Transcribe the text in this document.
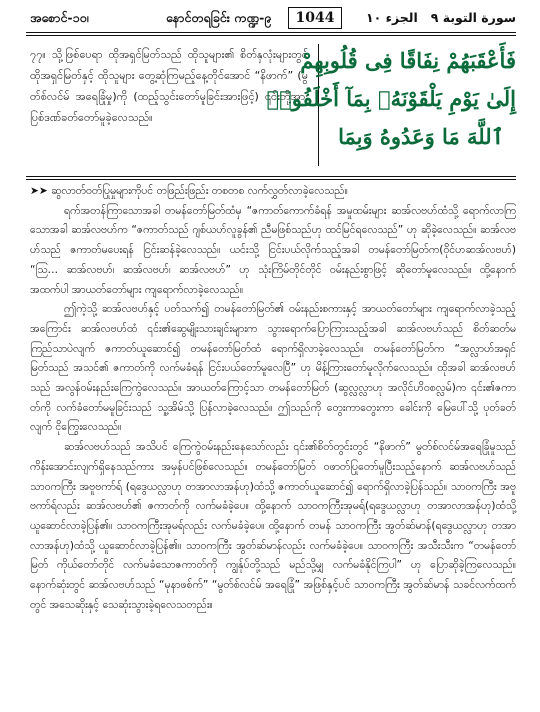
အစောင်-၁၀၊	နောင်တရခြင်း ကဏ္ဍ-၉	1044	الجزء ١٠ سورة التوبة ٩
၇၇။ သို့ဖြစ်ပေရာ ထိုအရှင်မြတ်သည် ထိုသူများ၏ စိတ်နှလုံးများတွင် ထိုအရှင်မြတ်နှင့် ထိုသူများ တွေ့ဆုံကြမည့်နေ့တိုင်အောင် “နိဖာက်” (မွတ်စ်လင်မ် အရေခြုံမှု)ကို (ထည့်သွင်းတော်မူခြင်းအားဖြင့်) ၎င်းတို့အား ပြစ်ဒဏ်ခတ်တော်မူခဲ့လေသည်။
فَأَعْقَبَهُمْ نِفَاقًا فِى قُلُوبِهِمْ
إِلَىٰ يَوْمِ يَلْقَوْنَهُۥ بِمَآ أَخْلَفُوا۟
ٱللَّهَ مَا وَعَدُوهُ وَبِمَا

➤➤ ဆွလာတ်ဝတ်ပြုမှုများကိုပင် တဖြည်းဖြည်း တစတစ လက်လွှတ်လာခဲ့လေသည်။

ရက်အတန်ကြာသောအခါ တမန်တော်မြတ်ထံမှ “ဇကာတ်ကောက်ခံရန် အမှုထမ်းများ ဆအ်လဗဟ်ထံသို့ ရောက်လာကြသောအခါ ဆအ်လဗဟ်က “ဇကာတ်သည် ဂျစ်ယဟ်လူခွန်၏ ညီမဖြစ်သည်ဟု ထင်မြင်ရလေသည်” ဟု ဆိုခဲ့လေသည်။ ဆအ်လဗဟ်သည် ဇကာတ်မပေးရန် ငြင်းဆန်ခဲ့လေသည်။ ယင်းသို့ ငြင်းပယ်လိုက်သည့်အခါ တမန်တော်မြတ်က(ဝိုင်ဟဆအ်လဗဟ်) “ဩ… ဆအ်လဗဟ်၊ ဆအ်လဗဟ်၊ ဆအ်လဗဟ်” ဟု သုံးကြိမ်တိုင်တိုင် ဝမ်းနည်းစွာဖြင့် ဆိုတော်မူလေသည်။ ထို့နောက် အထက်ပါ အာယတ်တော်များ ကျရောက်လာခဲ့လေသည်။

ဤကဲ့သို့ ဆအ်လဗဟ်နှင့် ပတ်သက်၍ တမန်တော်မြတ်၏ ဝမ်းနည်းစကားနှင့် အာယတ်တော်များ ကျရောက်လာခဲ့သည့်အကြောင်း ဆအ်လဗဟ်ထံ ၎င်း၏ဆွေမျိုးသားချင်းများက သွားရောက်ပြောကြားသည့်အခါ ဆအ်လဗဟ်သည် စိတ်ဆတ်မကြည်သာပဲလျက် ဇကာတ်ယူဆောင်၍ တမန်တော်မြတ်ထံ ရောက်ရှိလာခဲ့လေသည်။ တမန်တော်မြတ်က “အလ္လာဟ်အရှင်မြတ်သည် အသင်၏ ဇကာတ်ကို လက်မခံရန် ငြင်းပယ်တော်မူလေပြီ” ဟု မိန့်ကြားတော်မူလိုက်လေသည်။ ထိုအခါ ဆအ်လဗဟ်သည် အလွန်ဝမ်းနည်းကြေကွဲလေသည်။ အာယတ်ကြောင့်သာ တမန်တော်မြတ် (ဆွလ္လလ္လာဟု အလိုင်ဟိဝစလ္လမ်)က ၎င်း၏ဇကာတ်ကို လက်ခံတော်မမူခြင်းသည် သူ့အိမ်သို့ ပြန်လာခဲ့လေသည်။ ဤသည်ကို တွေးကာတွေးကာ ခေါင်းကို မြေပေါ်သို့ ပုတ်ခတ်လျက် ငိုကြွေးလေသည်။

ဆအ်လဗဟ်သည် အသိပင် ကြေကွဲဝမ်းနည်းနေသော်လည်း ၎င်း၏စိတ်တွင်းတွင် “နိဖာက်” မွတ်စ်လင်မ်အရေခြုံမှုသည် ကိန်းအောင်းလျက်ရှိနေသည်ကား အမှန်ပင်ဖြစ်လေသည်။ တမန်တော်မြတ် ဝဖာတ်ပြုတော်မူပြီးသည့်နောက် ဆအ်လဗဟ်သည် သာဝကကြီး အဗူဗကာ်ရ် (ရဒွေယလ္လာဟု တအာလာအန်ဟု)ထံသို့ ဇကာတ်ယူဆောင်၍ ရောက်ရှိလာခဲ့ပြန်သည်။ သာဝကကြီး အဗူဗကာ်ရ်လည်း ဆအ်လဗဟ်၏ ဇကာတ်ကို လက်မခံခဲ့ပေ။ ထို့နောက် သာဝကကြီးအုမရ်(ရဒွေယလ္လာဟု တအာလာအန်ဟု)ထံသို့ ယူဆောင်လာခဲ့ပြန်၏။ သာဝကကြီးအုမရ်လည်း လက်မခံခဲ့ပေ။ ထို့နောက် တမန် သာဝကကြီး အွတ်ဆ်မာန်(ရဒွေယလ္လာဟု တအာလာအန်ဟု)ထံသို့ ယူဆောင်လာခဲ့ပြန်၏။ သာဝကကြီး အွတ်ဆ်မာန်လည်း လက်မခံခဲ့ပေ။ သာဝကကြီး အသီးသီးက “တမန်တော်မြတ် ကိုယ်တော်တိုင် လက်မခံသောဇကာတ်ကို ကျွန်ုပ်တို့သည် မည်သို့မျှ လက်မခံနိုင်ကြပါ” ဟု ပြောဆိုခဲ့ကြလေသည်။ နောက်ဆုံးတွင် ဆအ်လဗဟ်သည် “မုနာဖစ်က်” “မွတ်စ်လင်မ် အရေခြုံ” အဖြစ်နှင့်ပင် သာဝကကြီး အွတ်ဆ်မာန် သခင်လက်ထက်တွင် အသေဆိုးနှင့် သေဆုံးသွားခဲ့ရလေသတည်း။
